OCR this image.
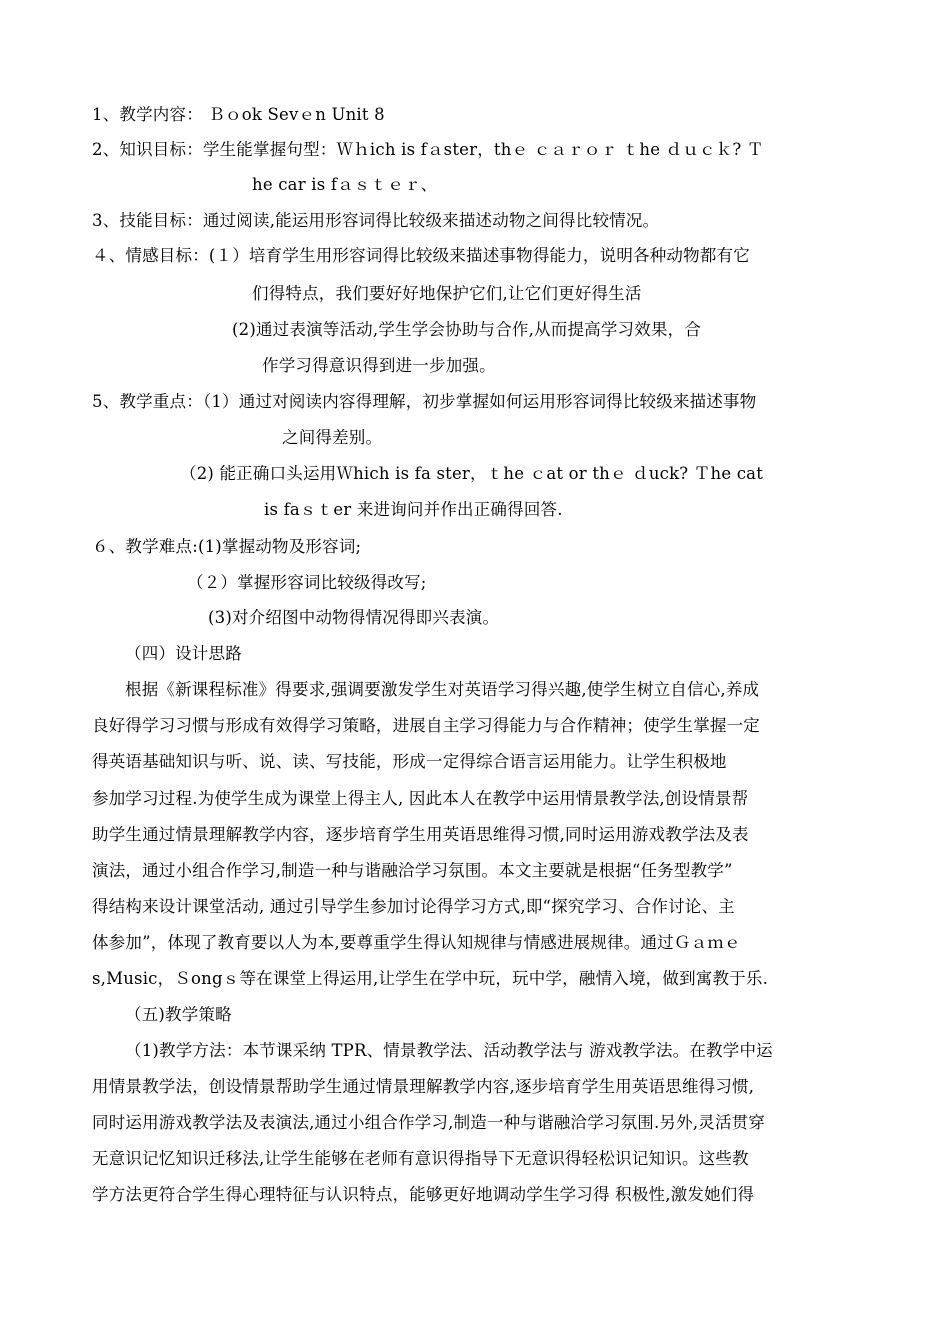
1、教学内容： Ｂｏok Sevｅn Unit 8
2、知识目标：学生能掌握句型：Ｗｈich is fａster，thｅ ｃａｒｏｒ ｔhe ｄｕｃｋ? Ｔ
he car is fａｓｔｅｒ、
3、技能目标：通过阅读,能运用形容词得比较级来描述动物之间得比较情况。
４、情感目标：(１）培育学生用形容词得比较级来描述事物得能力，说明各种动物都有它
们得特点，我们要好好地保护它们,让它们更好得生活
(2)通过表演等活动,学生学会协助与合作,从而提高学习效果，合
作学习得意识得到进一步加强。
5、教学重点：（1）通过对阅读内容得理解，初步掌握如何运用形容词得比较级来描述事物
之间得差别。
（2) 能正确口头运用Ｗhich is fa ster，ｔhe ｃat or thｅ ｄuck? Ｔhe cat
is faｓｔer 来进询问并作出正确得回答.
６、教学难点:(1)掌握动物及形容词;
（２）掌握形容词比较级得改写;
(3)对介绍图中动物得情况得即兴表演。
（四）设计思路
根据《新课程标准》得要求,强调要激发学生对英语学习得兴趣,使学生树立自信心,养成
良好得学习习惯与形成有效得学习策略，进展自主学习得能力与合作精神；使学生掌握一定
得英语基础知识与听、说、读、写技能，形成一定得综合语言运用能力。让学生积极地
参加学习过程.为使学生成为课堂上得主人, 因此本人在教学中运用情景教学法,创设情景帮
助学生通过情景理解教学内容，逐步培育学生用英语思维得习惯,同时运用游戏教学法及表
演法，通过小组合作学习,制造一种与谐融洽学习氛围。本文主要就是根据“任务型教学”
得结构来设计课堂活动, 通过引导学生参加讨论得学习方式,即“探究学习、合作讨论、主
体参加”，体现了教育要以人为本,要尊重学生得认知规律与情感进展规律。通过Ｇａｍｅ
s,Music，Ｓongｓ等在课堂上得运用,让学生在学中玩，玩中学，融情入境，做到寓教于乐.
（五)教学策略
（1)教学方法：本节课采纳 TPR、情景教学法、活动教学法与 游戏教学法。在教学中运
用情景教学法，创设情景帮助学生通过情景理解教学内容,逐步培育学生用英语思维得习惯,
同时运用游戏教学法及表演法,通过小组合作学习,制造一种与谐融洽学习氛围.另外,灵活贯穿
无意识记忆知识迁移法,让学生能够在老师有意识得指导下无意识得轻松识记知识。这些教
学方法更符合学生得心理特征与认识特点，能够更好地调动学生学习得 积极性,激发她们得
